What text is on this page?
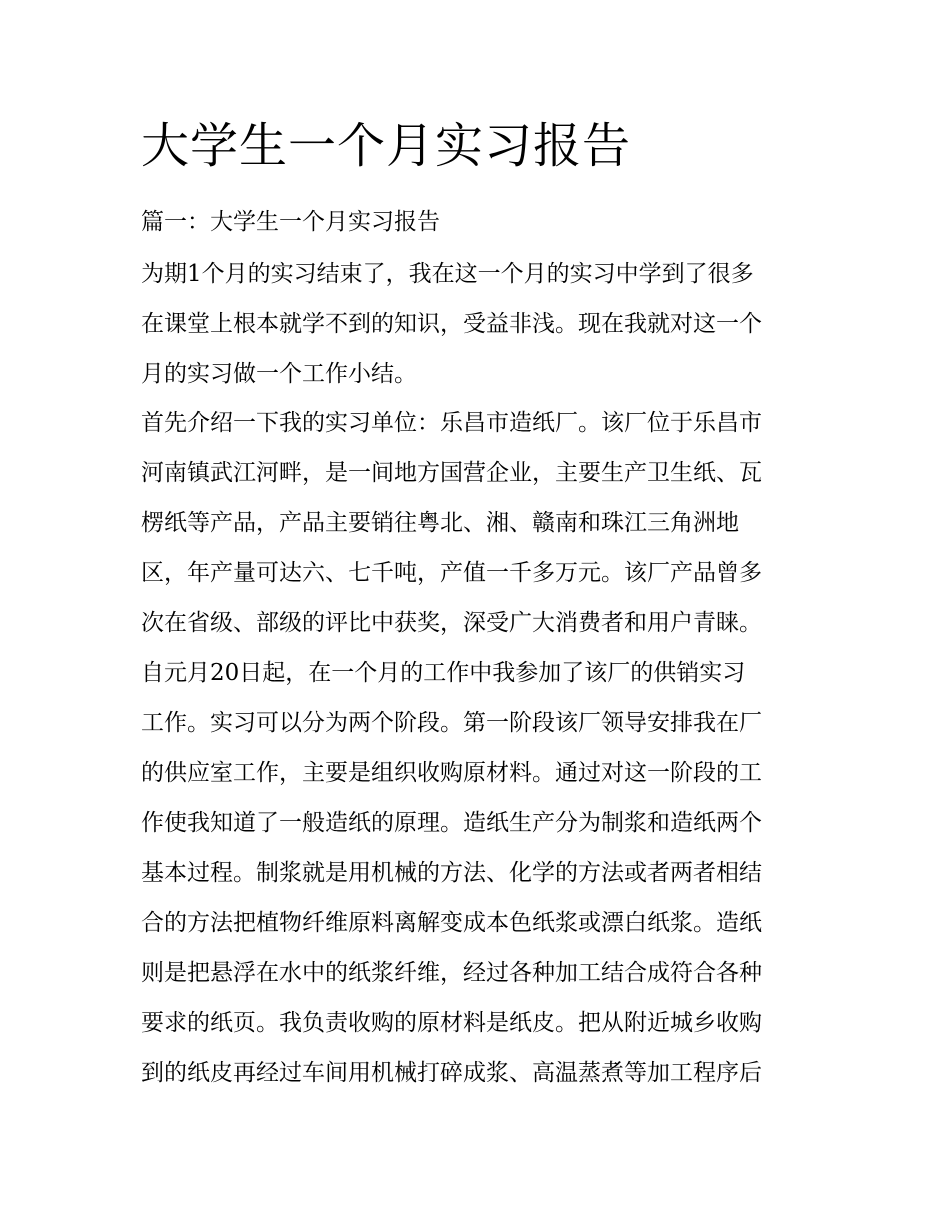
大学生一个月实习报告

篇一：大学生一个月实习报告

为期1个月的实习结束了，我在这一个月的实习中学到了很多

在课堂上根本就学不到的知识，受益非浅。现在我就对这一个

月的实习做一个工作小结。

首先介绍一下我的实习单位：乐昌市造纸厂。该厂位于乐昌市

河南镇武江河畔，是一间地方国营企业，主要生产卫生纸、瓦

楞纸等产品，产品主要销往粤北、湘、赣南和珠江三角洲地

区，年产量可达六、七千吨，产值一千多万元。该厂产品曾多

次在省级、部级的评比中获奖，深受广大消费者和用户青睐。

自元月20日起，在一个月的工作中我参加了该厂的供销实习

工作。实习可以分为两个阶段。第一阶段该厂领导安排我在厂

的供应室工作，主要是组织收购原材料。通过对这一阶段的工

作使我知道了一般造纸的原理。造纸生产分为制浆和造纸两个

基本过程。制浆就是用机械的方法、化学的方法或者两者相结

合的方法把植物纤维原料离解变成本色纸浆或漂白纸浆。造纸

则是把悬浮在水中的纸浆纤维，经过各种加工结合成符合各种

要求的纸页。我负责收购的原材料是纸皮。把从附近城乡收购

到的纸皮再经过车间用机械打碎成浆、高温蒸煮等加工程序后
